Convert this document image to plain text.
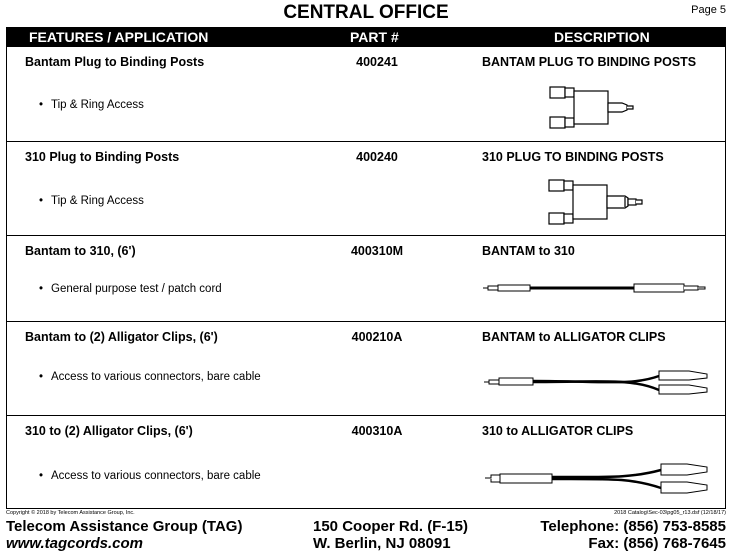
CENTRAL OFFICE	Page 5
FEATURES / APPLICATION	PART #	DESCRIPTION
Bantam Plug to Binding Posts	400241	BANTAM PLUG TO BINDING POSTS
• Tip & Ring Access
310 Plug to Binding Posts	400240	310 PLUG TO BINDING POSTS
• Tip & Ring Access
Bantam to 310, (6')	400310M	BANTAM to 310
• General purpose test / patch cord
Bantam to (2) Alligator Clips, (6')	400210A	BANTAM to ALLIGATOR CLIPS
• Access to various connectors, bare cable
310 to (2) Alligator Clips, (6')	400310A	310 to ALLIGATOR CLIPS
• Access to various connectors, bare cable
Copyright © 2018 by Telecom Assistance Group, Inc.	2018 Catalog\Sec-03\pg05_r13.dsf (12/18/17)
Telecom Assistance Group (TAG)
www.tagcords.com
150 Cooper Rd. (F-15)
W. Berlin, NJ 08091
Telephone: (856) 753-8585
Fax: (856) 768-7645
